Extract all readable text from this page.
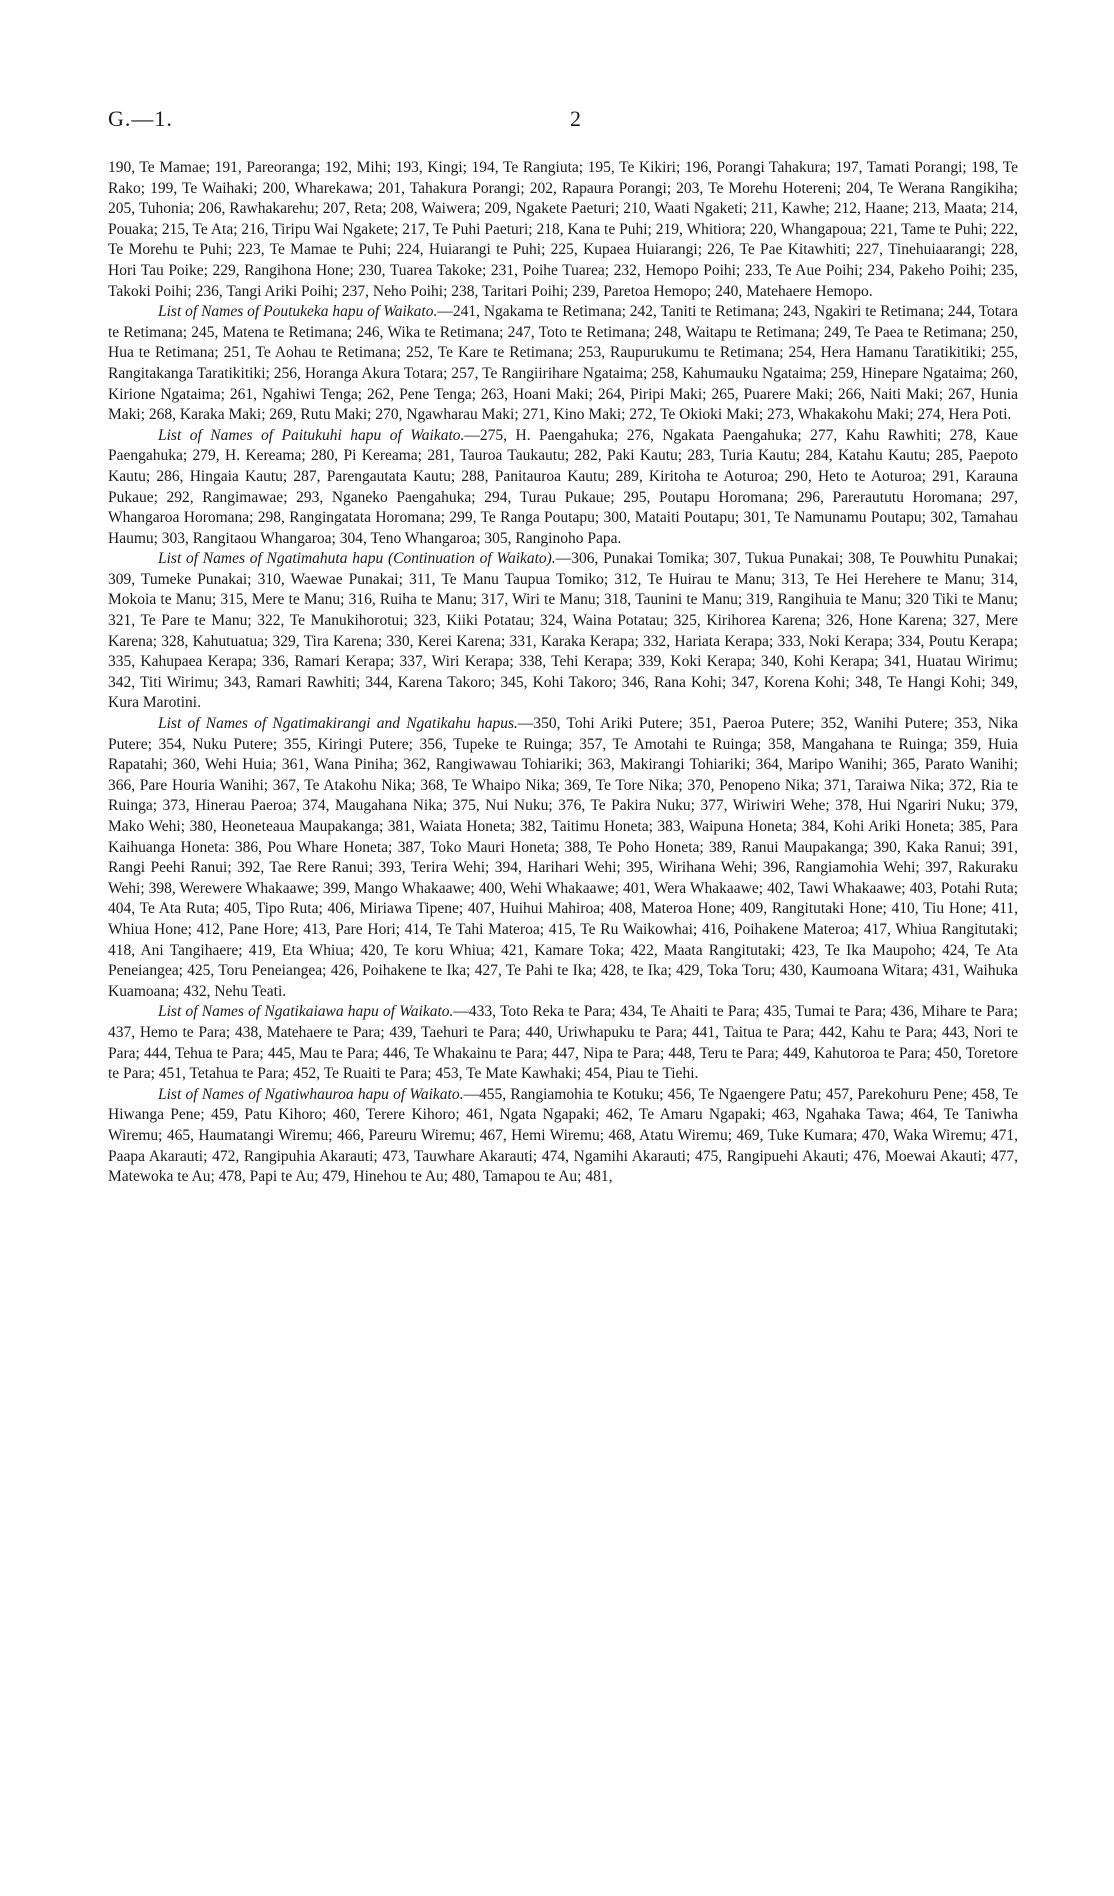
G.—1.	2

190, Te Mamae; 191, Pareoranga; 192, Mihi; 193, Kingi; 194, Te Rangiuta; 195, Te Kikiri; 196, Porangi Tahakura; 197, Tamati Porangi; 198, Te Rako; 199, Te Waihaki; 200, Wharekawa; 201, Tahakura Porangi; 202, Rapaura Porangi; 203, Te Morehu Hotereni; 204, Te Werana Rangikiha; 205, Tuhonia; 206, Rawhakarehu; 207, Reta; 208, Waiwera; 209, Ngakete Paeturi; 210, Waati Ngaketi; 211, Kawhe; 212, Haane; 213, Maata; 214, Pouaka; 215, Te Ata; 216, Tiripu Wai Ngakete; 217, Te Puhi Paeturi; 218, Kana te Puhi; 219, Whitiora; 220, Whangapoua; 221, Tame te Puhi; 222, Te Morehu te Puhi; 223, Te Mamae te Puhi; 224, Huiarangi te Puhi; 225, Kupaea Huiarangi; 226, Te Pae Kitawhiti; 227, Tinehuiaarangi; 228, Hori Tau Poike; 229, Rangihona Hone; 230, Tuarea Takoke; 231, Poihe Tuarea; 232, Hemopo Poihi; 233, Te Aue Poihi; 234, Pakeho Poihi; 235, Takoki Poihi; 236, Tangi Ariki Poihi; 237, Neho Poihi; 238, Taritari Poihi; 239, Paretoa Hemopo; 240, Matehaere Hemopo.

List of Names of Poutukeka hapu of Waikato.—241, Ngakama te Retimana; 242, Taniti te Retimana; 243, Ngakiri te Retimana; 244, Totara te Retimana; 245, Matena te Retimana; 246, Wika te Retimana; 247, Toto te Retimana; 248, Waitapu te Retimana; 249, Te Paea te Retimana; 250, Hua te Retimana; 251, Te Aohau te Retimana; 252, Te Kare te Retimana; 253, Raupurukumu te Retimana; 254, Hera Hamanu Taratikitiki; 255, Rangitakanga Taratikitiki; 256, Horanga Akura Totara; 257, Te Rangiirihare Ngataima; 258, Kahumauku Ngataima; 259, Hinepare Ngataima; 260, Kirione Ngataima; 261, Ngahiwi Tenga; 262, Pene Tenga; 263, Hoani Maki; 264, Piripi Maki; 265, Puarere Maki; 266, Naiti Maki; 267, Hunia Maki; 268, Karaka Maki; 269, Rutu Maki; 270, Ngawharau Maki; 271, Kino Maki; 272, Te Okioki Maki; 273, Whakakohu Maki; 274, Hera Poti.

List of Names of Paitukuhi hapu of Waikato.—275, H. Paengahuka; 276, Ngakata Paengahuka; 277, Kahu Rawhiti; 278, Kaue Paengahuka; 279, H. Kereama; 280, Pi Kereama; 281, Tauroa Taukautu; 282, Paki Kautu; 283, Turia Kautu; 284, Katahu Kautu; 285, Paepoto Kautu; 286, Hingaia Kautu; 287, Parengautata Kautu; 288, Panitauroa Kautu; 289, Kiritoha te Aoturoa; 290, Heto te Aoturoa; 291, Karauna Pukaue; 292, Rangimawae; 293, Nganeko Paengahuka; 294, Turau Pukaue; 295, Poutapu Horomana; 296, Pareraututu Horomana; 297, Whangaroa Horomana; 298, Rangingatata Horomana; 299, Te Ranga Poutapu; 300, Mataiti Poutapu; 301, Te Namunamu Poutapu; 302, Tamahau Haumu; 303, Rangitaou Whangaroa; 304, Teno Whangaroa; 305, Ranginoho Papa.

List of Names of Ngatimahuta hapu (Continuation of Waikato).—306, Punakai Tomika; 307, Tukua Punakai; 308, Te Pouwhitu Punakai; 309, Tumeke Punakai; 310, Waewae Punakai; 311, Te Manu Taupua Tomiko; 312, Te Huirau te Manu; 313, Te Hei Herehere te Manu; 314, Mokoia te Manu; 315, Mere te Manu; 316, Ruiha te Manu; 317, Wiri te Manu; 318, Taunini te Manu; 319, Rangihuia te Manu; 320 Tiki te Manu; 321, Te Pare te Manu; 322, Te Manukihorotui; 323, Kiiki Potatau; 324, Waina Potatau; 325, Kirihorea Karena; 326, Hone Karena; 327, Mere Karena; 328, Kahutuatua; 329, Tira Karena; 330, Kerei Karena; 331, Karaka Kerapa; 332, Hariata Kerapa; 333, Noki Kerapa; 334, Poutu Kerapa; 335, Kahupaea Kerapa; 336, Ramari Kerapa; 337, Wiri Kerapa; 338, Tehi Kerapa; 339, Koki Kerapa; 340, Kohi Kerapa; 341, Huatau Wirimu; 342, Titi Wirimu; 343, Ramari Rawhiti; 344, Karena Takoro; 345, Kohi Takoro; 346, Rana Kohi; 347, Korena Kohi; 348, Te Hangi Kohi; 349, Kura Marotini.

List of Names of Ngatimakirangi and Ngatikahu hapus.—350, Tohi Ariki Putere; 351, Paeroa Putere; 352, Wanihi Putere; 353, Nika Putere; 354, Nuku Putere; 355, Kiringi Putere; 356, Tupeke te Ruinga; 357, Te Amotahi te Ruinga; 358, Mangahana te Ruinga; 359, Huia Rapatahi; 360, Wehi Huia; 361, Wana Piniha; 362, Rangiwawau Tohiariki; 363, Makirangi Tohiariki; 364, Maripo Wanihi; 365, Parato Wanihi; 366, Pare Houria Wanihi; 367, Te Atakohu Nika; 368, Te Whaipo Nika; 369, Te Tore Nika; 370, Penopeno Nika; 371, Taraiwa Nika; 372, Ria te Ruinga; 373, Hinerau Paeroa; 374, Maugahana Nika; 375, Nui Nuku; 376, Te Pakira Nuku; 377, Wiriwiri Wehe; 378, Hui Ngariri Nuku; 379, Mako Wehi; 380, Heoneteaua Maupakanga; 381, Waiata Honeta; 382, Taitimu Honeta; 383, Waipuna Honeta; 384, Kohi Ariki Honeta; 385, Para Kaihuanga Honeta: 386, Pou Whare Honeta; 387, Toko Mauri Honeta; 388, Te Poho Honeta; 389, Ranui Maupakanga; 390, Kaka Ranui; 391, Rangi Peehi Ranui; 392, Tae Rere Ranui; 393, Terira Wehi; 394, Harihari Wehi; 395, Wirihana Wehi; 396, Rangiamohia Wehi; 397, Rakuraku Wehi; 398, Werewere Whakaawe; 399, Mango Whakaawe; 400, Wehi Whakaawe; 401, Wera Whakaawe; 402, Tawi Whakaawe; 403, Potahi Ruta; 404, Te Ata Ruta; 405, Tipo Ruta; 406, Miriawa Tipene; 407, Huihui Mahiroa; 408, Materoa Hone; 409, Rangitutaki Hone; 410, Tiu Hone; 411, Whiua Hone; 412, Pane Hore; 413, Pare Hori; 414, Te Tahi Materoa; 415, Te Ru Waikowhai; 416, Poihakene Materoa; 417, Whiua Rangitutaki; 418, Ani Tangihaere; 419, Eta Whiua; 420, Te koru Whiua; 421, Kamare Toka; 422, Maata Rangitutaki; 423, Te Ika Maupoho; 424, Te Ata Peneiangea; 425, Toru Peneiangea; 426, Poihakene te Ika; 427, Te Pahi te Ika; 428, te Ika; 429, Toka Toru; 430, Kaumoana Witara; 431, Waihuka Kuamoana; 432, Nehu Teati.

List of Names of Ngatikaiawa hapu of Waikato.—433, Toto Reka te Para; 434, Te Ahaiti te Para; 435, Tumai te Para; 436, Mihare te Para; 437, Hemo te Para; 438, Matehaere te Para; 439, Taehuri te Para; 440, Uriwhapuku te Para; 441, Taitua te Para; 442, Kahu te Para; 443, Nori te Para; 444, Tehua te Para; 445, Mau te Para; 446, Te Whakainu te Para; 447, Nipa te Para; 448, Teru te Para; 449, Kahutoroa te Para; 450, Toretore te Para; 451, Tetahua te Para; 452, Te Ruaiti te Para; 453, Te Mate Kawhaki; 454, Piau te Tiehi.

List of Names of Ngatiwhauroa hapu of Waikato.—455, Rangiamohia te Kotuku; 456, Te Ngaengere Patu; 457, Parekohuru Pene; 458, Te Hiwanga Pene; 459, Patu Kihoro; 460, Terere Kihoro; 461, Ngata Ngapaki; 462, Te Amaru Ngapaki; 463, Ngahaka Tawa; 464, Te Taniwha Wiremu; 465, Haumatangi Wiremu; 466, Pareuru Wiremu; 467, Hemi Wiremu; 468, Atatu Wiremu; 469, Tuke Kumara; 470, Waka Wiremu; 471, Paapa Akarauti; 472, Rangipuhia Akarauti; 473, Tauwhare Akarauti; 474, Ngamihi Akarauti; 475, Rangipuehi Akauti; 476, Moewai Akauti; 477, Matewoka te Au; 478, Papi te Au; 479, Hinehou te Au; 480, Tamapou te Au; 481,
